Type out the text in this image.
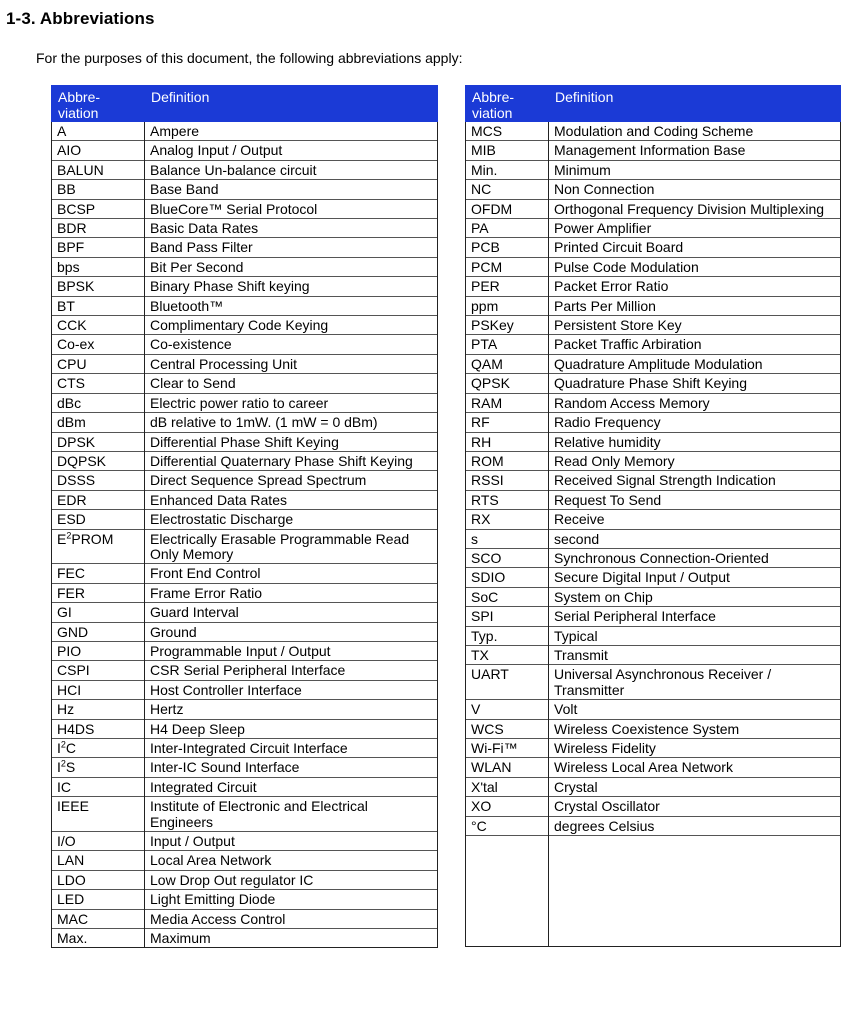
1-3. Abbreviations
For the purposes of this document, the following abbreviations apply:
Abbre-viation	Definition
A	Ampere
AIO	Analog Input / Output
BALUN	Balance Un-balance circuit
BB	Base Band
BCSP	BlueCore™ Serial Protocol
BDR	Basic Data Rates
BPF	Band Pass Filter
bps	Bit Per Second
BPSK	Binary Phase Shift keying
BT	Bluetooth™
CCK	Complimentary Code Keying
Co-ex	Co-existence
CPU	Central Processing Unit
CTS	Clear to Send
dBc	Electric power ratio to career
dBm	dB relative to 1mW. (1 mW = 0 dBm)
DPSK	Differential Phase Shift Keying
DQPSK	Differential Quaternary Phase Shift Keying
DSSS	Direct Sequence Spread Spectrum
EDR	Enhanced Data Rates
ESD	Electrostatic Discharge
$E^2PROM$	Electrically Erasable Programmable Read Only Memory
FEC	Front End Control
FER	Frame Error Ratio
GI	Guard Interval
GND	Ground
PIO	Programmable Input / Output
CSPI	CSR Serial Peripheral Interface
HCI	Host Controller Interface
Hz	Hertz
H4DS	H4 Deep Sleep
$I^2C$	Inter-Integrated Circuit Interface
$I^2S$	Inter-IC Sound Interface
IC	Integrated Circuit
IEEE	Institute of Electronic and Electrical Engineers
I/O	Input / Output
LAN	Local Area Network
LDO	Low Drop Out regulator IC
LED	Light Emitting Diode
MAC	Media Access Control
Max.	Maximum
Abbre-viation	Definition
MCS	Modulation and Coding Scheme
MIB	Management Information Base
Min.	Minimum
NC	Non Connection
OFDM	Orthogonal Frequency Division Multiplexing
PA	Power Amplifier
PCB	Printed Circuit Board
PCM	Pulse Code Modulation
PER	Packet Error Ratio
ppm	Parts Per Million
PSKey	Persistent Store Key
PTA	Packet Traffic Arbiration
QAM	Quadrature Amplitude Modulation
QPSK	Quadrature Phase Shift Keying
RAM	Random Access Memory
RF	Radio Frequency
RH	Relative humidity
ROM	Read Only Memory
RSSI	Received Signal Strength Indication
RTS	Request To Send
RX	Receive
s	second
SCO	Synchronous Connection-Oriented
SDIO	Secure Digital Input / Output
SoC	System on Chip
SPI	Serial Peripheral Interface
Typ.	Typical
TX	Transmit
UART	Universal Asynchronous Receiver / Transmitter
V	Volt
WCS	Wireless Coexistence System
Wi-Fi™	Wireless Fidelity
WLAN	Wireless Local Area Network
X'tal	Crystal
XO	Crystal Oscillator
°C	degrees Celsius
